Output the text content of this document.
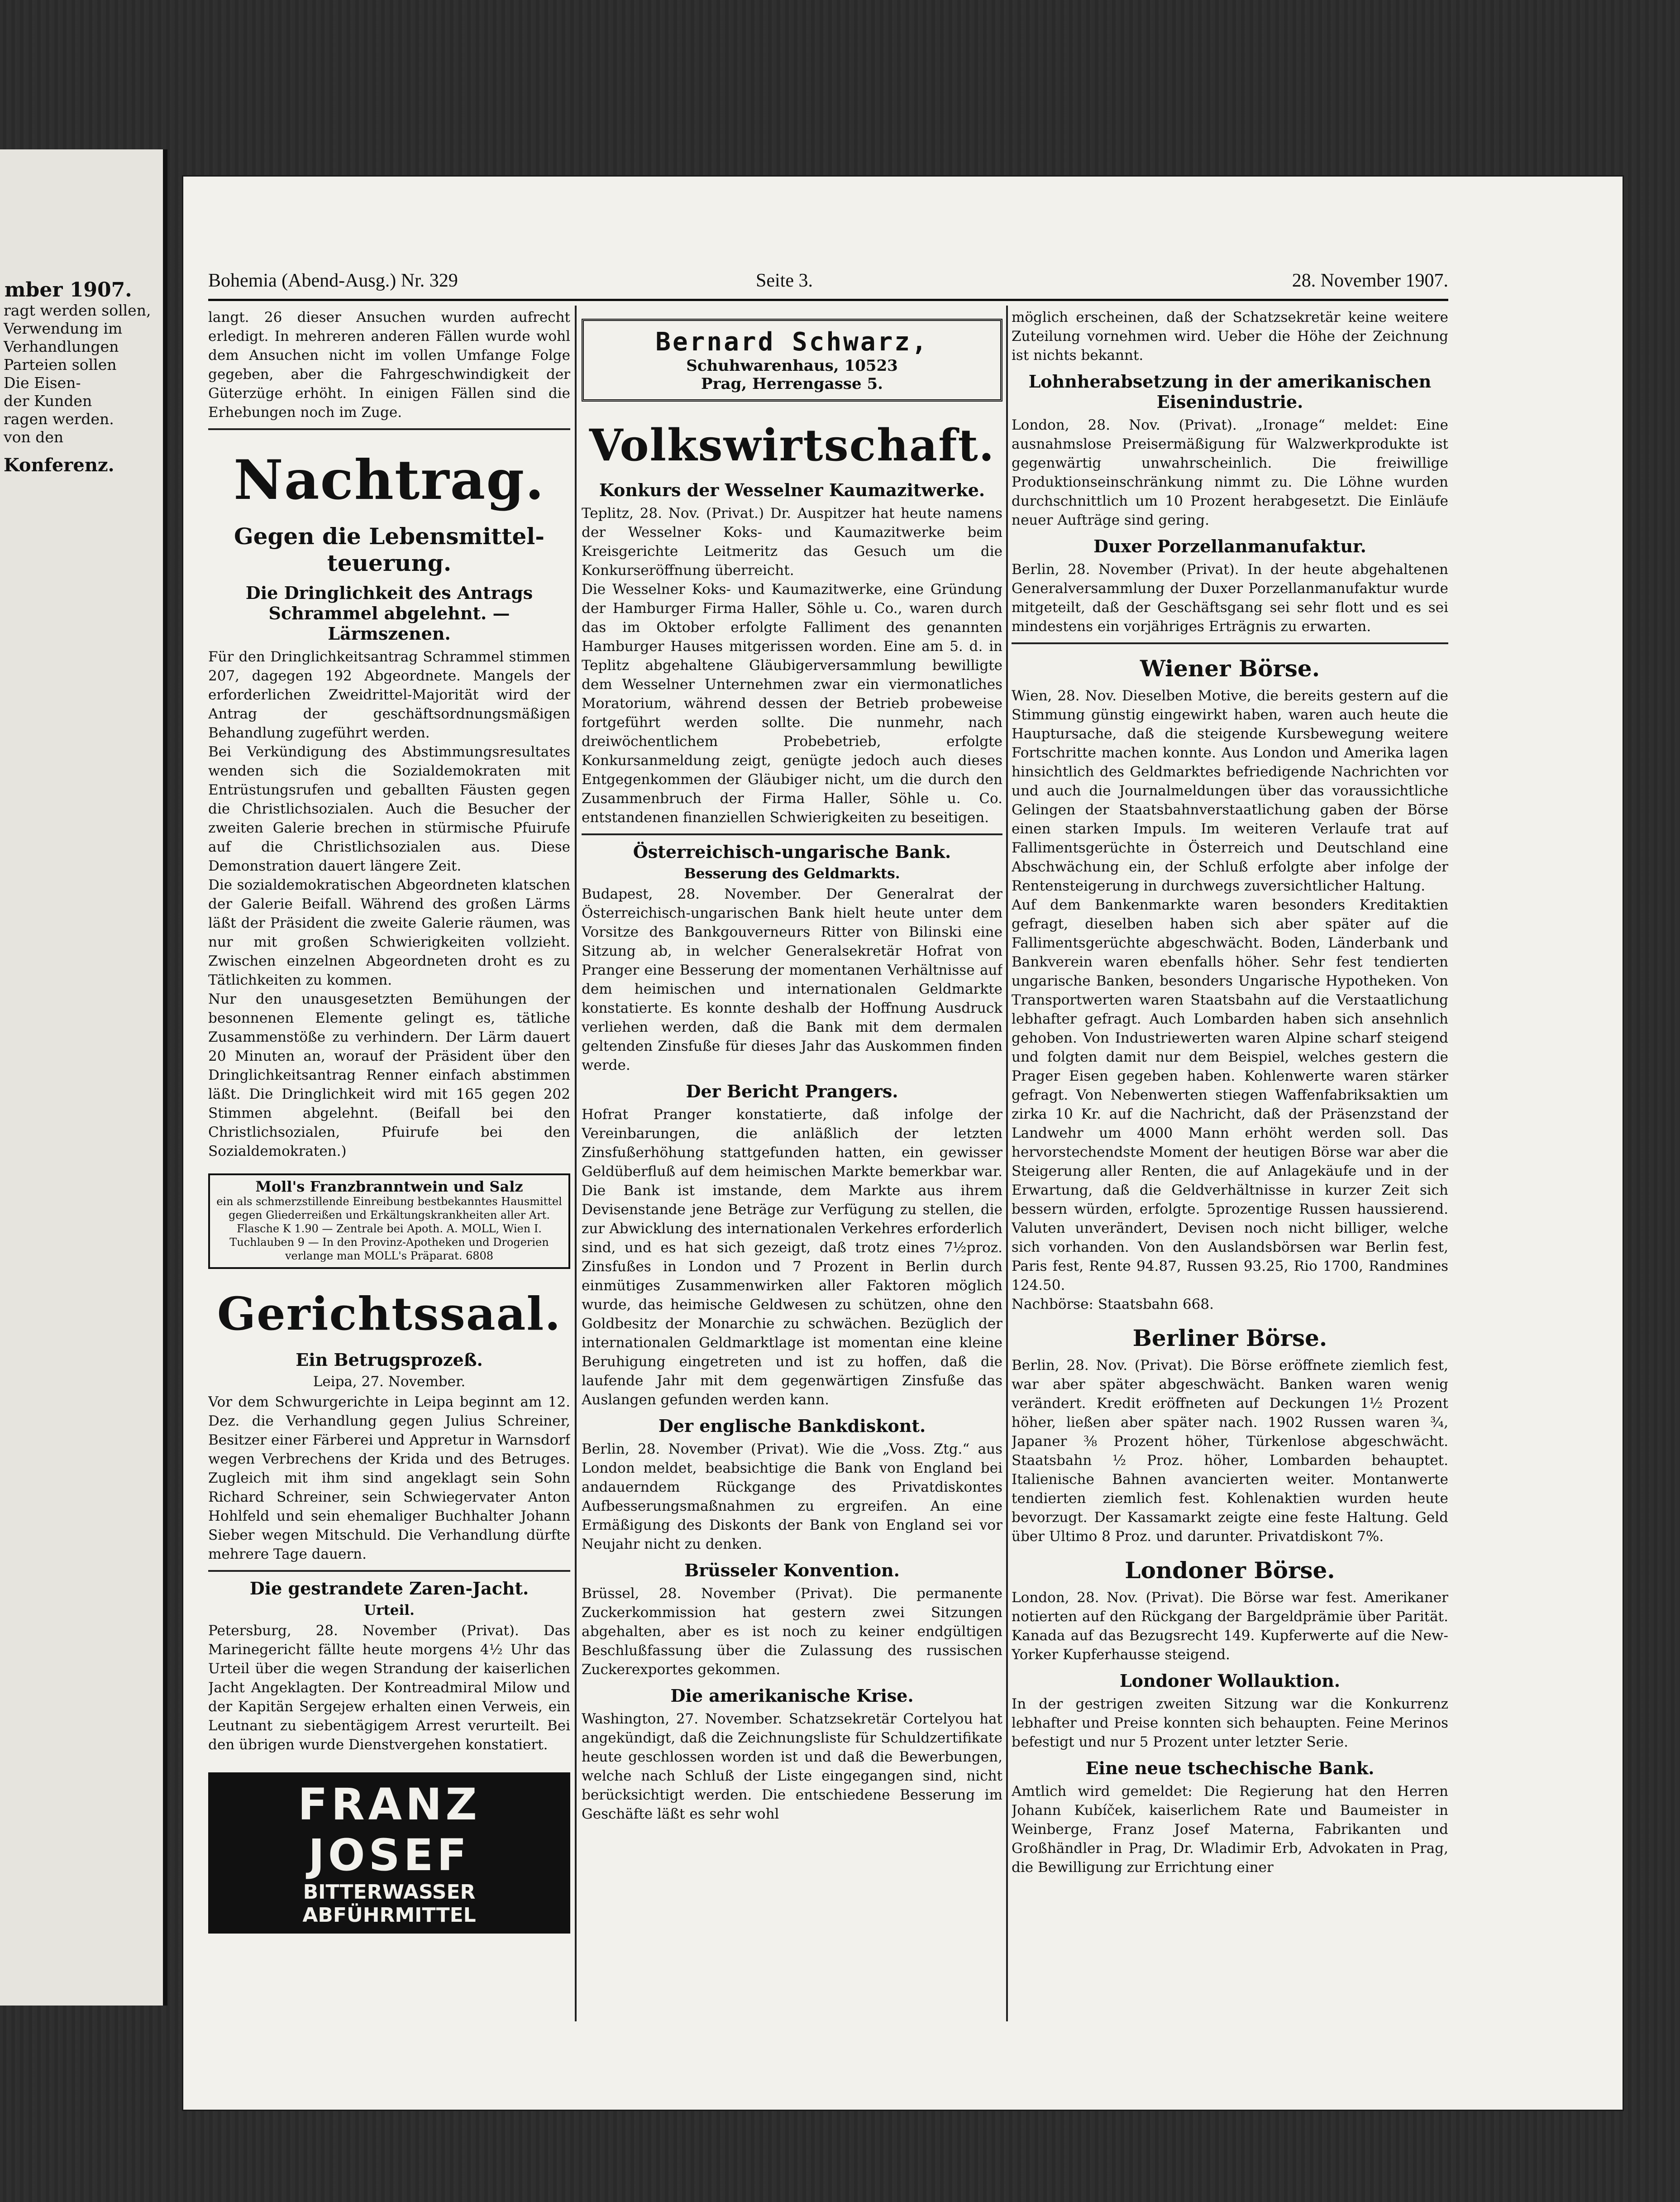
mber 1907.

ragt werden sollen,

Verwendung im

Verhandlungen

Parteien sollen

Die Eisen-

der Kunden

ragen werden.

von den

Konferenz.
Bohemia (Abend-Ausg.) Nr. 329	Seite 3.	28. November 1907.

langt. 26 dieser Ansuchen wurden aufrecht erledigt. In mehreren anderen Fällen wurde wohl dem Ansuchen nicht im vollen Umfange Folge gegeben, aber die Fahrgeschwindigkeit der Güterzüge erhöht. In einigen Fällen sind die Erhebungen noch im Zuge.

Nachtrag.
Gegen die Lebensmittel-teuerung.
Die Dringlichkeit des Antrags Schrammel abgelehnt. — Lärmszenen.

Für den Dringlichkeitsantrag Schrammel stimmen 207, dagegen 192 Abgeordnete. Mangels der erforderlichen Zweidrittel-Majorität wird der Antrag der geschäftsordnungsmäßigen Behandlung zugeführt werden.

Bei Verkündigung des Abstimmungsresultates wenden sich die Sozialdemokraten mit Entrüstungsrufen und geballten Fäusten gegen die Christlichsozialen. Auch die Besucher der zweiten Galerie brechen in stürmische Pfuirufe auf die Christlichsozialen aus. Diese Demonstration dauert längere Zeit.

Die sozialdemokratischen Abgeordneten klatschen der Galerie Beifall. Während des großen Lärms läßt der Präsident die zweite Galerie räumen, was nur mit großen Schwierigkeiten vollzieht. Zwischen einzelnen Abgeordneten droht es zu Tätlichkeiten zu kommen.

Nur den unausgesetzten Bemühungen der besonnenen Elemente gelingt es, tätliche Zusammenstöße zu verhindern. Der Lärm dauert 20 Minuten an, worauf der Präsident über den Dringlichkeitsantrag Renner einfach abstimmen läßt. Die Dringlichkeit wird mit 165 gegen 202 Stimmen abgelehnt. (Beifall bei den Christlichsozialen, Pfuirufe bei den Sozialdemokraten.)

Moll's Franzbranntwein und Salz
ein als schmerzstillende Einreibung bestbekanntes Hausmittel gegen Gliederreißen und Erkältungskrankheiten aller Art. Flasche K 1.90 — Zentrale bei Apoth. A. MOLL, Wien I. Tuchlauben 9 — In den Provinz-Apotheken und Drogerien verlange man MOLL's Präparat. 6808
Gerichtssaal.
Ein Betrugsprozeß.
Leipa, 27. November.

Vor dem Schwurgerichte in Leipa beginnt am 12. Dez. die Verhandlung gegen Julius Schreiner, Besitzer einer Färberei und Appretur in Warnsdorf wegen Verbrechens der Krida und des Betruges. Zugleich mit ihm sind angeklagt sein Sohn Richard Schreiner, sein Schwiegervater Anton Hohlfeld und sein ehemaliger Buchhalter Johann Sieber wegen Mitschuld. Die Verhandlung dürfte mehrere Tage dauern.

Die gestrandete Zaren-Jacht.
Urteil.

Petersburg, 28. November (Privat). Das Marinegericht fällte heute morgens 4½ Uhr das Urteil über die wegen Strandung der kaiserlichen Jacht Angeklagten. Der Kontreadmiral Milow und der Kapitän Sergejew erhalten einen Verweis, ein Leutnant zu siebentägigem Arrest verurteilt. Bei den übrigen wurde Dienstvergehen konstatiert.

FRANZ JOSEF
BITTERWASSER ABFÜHRMITTEL
Bernard Schwarz,
Schuhwarenhaus, 10523
Prag, Herrengasse 5.
Volkswirtschaft.
Konkurs der Wesselner Kaumazitwerke.

Teplitz, 28. Nov. (Privat.) Dr. Auspitzer hat heute namens der Wesselner Koks- und Kaumazitwerke beim Kreisgerichte Leitmeritz das Gesuch um die Konkurseröffnung überreicht.

Die Wesselner Koks- und Kaumazitwerke, eine Gründung der Hamburger Firma Haller, Söhle u. Co., waren durch das im Oktober erfolgte Falliment des genannten Hamburger Hauses mitgerissen worden. Eine am 5. d. in Teplitz abgehaltene Gläubigerversammlung bewilligte dem Wesselner Unternehmen zwar ein viermonatliches Moratorium, während dessen der Betrieb probeweise fortgeführt werden sollte. Die nunmehr, nach dreiwöchentlichem Probebetrieb, erfolgte Konkursanmeldung zeigt, genügte jedoch auch dieses Entgegenkommen der Gläubiger nicht, um die durch den Zusammenbruch der Firma Haller, Söhle u. Co. entstandenen finanziellen Schwierigkeiten zu beseitigen.

Österreichisch-ungarische Bank.
Besserung des Geldmarkts.

Budapest, 28. November. Der Generalrat der Österreichisch-ungarischen Bank hielt heute unter dem Vorsitze des Bankgouverneurs Ritter von Bilinski eine Sitzung ab, in welcher Generalsekretär Hofrat von Pranger eine Besserung der momentanen Verhältnisse auf dem heimischen und internationalen Geldmarkte konstatierte. Es konnte deshalb der Hoffnung Ausdruck verliehen werden, daß die Bank mit dem dermalen geltenden Zinsfuße für dieses Jahr das Auskommen finden werde.

Der Bericht Prangers.

Hofrat Pranger konstatierte, daß infolge der Vereinbarungen, die anläßlich der letzten Zinsfußerhöhung stattgefunden hatten, ein gewisser Geldüberfluß auf dem heimischen Markte bemerkbar war. Die Bank ist imstande, dem Markte aus ihrem Devisenstande jene Beträge zur Verfügung zu stellen, die zur Abwicklung des internationalen Verkehres erforderlich sind, und es hat sich gezeigt, daß trotz eines 7½proz. Zinsfußes in London und 7 Prozent in Berlin durch einmütiges Zusammenwirken aller Faktoren möglich wurde, das heimische Geldwesen zu schützen, ohne den Goldbesitz der Monarchie zu schwächen. Bezüglich der internationalen Geldmarktlage ist momentan eine kleine Beruhigung eingetreten und ist zu hoffen, daß die laufende Jahr mit dem gegenwärtigen Zinsfuße das Auslangen gefunden werden kann.

Der englische Bankdiskont.

Berlin, 28. November (Privat). Wie die „Voss. Ztg.“ aus London meldet, beabsichtige die Bank von England bei andauerndem Rückgange des Privatdiskontes Aufbesserungsmaßnahmen zu ergreifen. An eine Ermäßigung des Diskonts der Bank von England sei vor Neujahr nicht zu denken.

Brüsseler Konvention.

Brüssel, 28. November (Privat). Die permanente Zuckerkommission hat gestern zwei Sitzungen abgehalten, aber es ist noch zu keiner endgültigen Beschlußfassung über die Zulassung des russischen Zuckerexportes gekommen.

Die amerikanische Krise.

Washington, 27. November. Schatzsekretär Cortelyou hat angekündigt, daß die Zeichnungsliste für Schuldzertifikate heute geschlossen worden ist und daß die Bewerbungen, welche nach Schluß der Liste eingegangen sind, nicht berücksichtigt werden. Die entschiedene Besserung im Geschäfte läßt es sehr wohl

möglich erscheinen, daß der Schatzsekretär keine weitere Zuteilung vornehmen wird. Ueber die Höhe der Zeichnung ist nichts bekannt.

Lohnherabsetzung in der amerikanischen Eisenindustrie.

London, 28. Nov. (Privat). „Ironage“ meldet: Eine ausnahmslose Preisermäßigung für Walzwerkprodukte ist gegenwärtig unwahrscheinlich. Die freiwillige Produktionseinschränkung nimmt zu. Die Löhne wurden durchschnittlich um 10 Prozent herabgesetzt. Die Einläufe neuer Aufträge sind gering.

Duxer Porzellanmanufaktur.

Berlin, 28. November (Privat). In der heute abgehaltenen Generalversammlung der Duxer Porzellanmanufaktur wurde mitgeteilt, daß der Geschäftsgang sei sehr flott und es sei mindestens ein vorjähriges Erträgnis zu erwarten.

Wiener Börse.

Wien, 28. Nov. Dieselben Motive, die bereits gestern auf die Stimmung günstig eingewirkt haben, waren auch heute die Hauptursache, daß die steigende Kursbewegung weitere Fortschritte machen konnte. Aus London und Amerika lagen hinsichtlich des Geldmarktes befriedigende Nachrichten vor und auch die Journalmeldungen über das voraussichtliche Gelingen der Staatsbahnverstaatlichung gaben der Börse einen starken Impuls. Im weiteren Verlaufe trat auf Fallimentsgerüchte in Österreich und Deutschland eine Abschwächung ein, der Schluß erfolgte aber infolge der Rentensteigerung in durchwegs zuversichtlicher Haltung.

Auf dem Bankenmarkte waren besonders Kreditaktien gefragt, dieselben haben sich aber später auf die Fallimentsgerüchte abgeschwächt. Boden, Länderbank und Bankverein waren ebenfalls höher. Sehr fest tendierten ungarische Banken, besonders Ungarische Hypotheken. Von Transportwerten waren Staatsbahn auf die Verstaatlichung lebhafter gefragt. Auch Lombarden haben sich ansehnlich gehoben. Von Industriewerten waren Alpine scharf steigend und folgten damit nur dem Beispiel, welches gestern die Prager Eisen gegeben haben. Kohlenwerte waren stärker gefragt. Von Nebenwerten stiegen Waffenfabriksaktien um zirka 10 Kr. auf die Nachricht, daß der Präsenzstand der Landwehr um 4000 Mann erhöht werden soll. Das hervorstechendste Moment der heutigen Börse war aber die Steigerung aller Renten, die auf Anlagekäufe und in der Erwartung, daß die Geldverhältnisse in kurzer Zeit sich bessern würden, erfolgte. 5prozentige Russen haussierend. Valuten unverändert, Devisen noch nicht billiger, welche sich vorhanden. Von den Auslandsbörsen war Berlin fest, Paris fest, Rente 94.87, Russen 93.25, Rio 1700, Randmines 124.50.

Nachbörse: Staatsbahn 668.

Berliner Börse.

Berlin, 28. Nov. (Privat). Die Börse eröffnete ziemlich fest, war aber später abgeschwächt. Banken waren wenig verändert. Kredit eröffneten auf Deckungen 1½ Prozent höher, ließen aber später nach. 1902 Russen waren ¾, Japaner ⅜ Prozent höher, Türkenlose abgeschwächt. Staatsbahn ½ Proz. höher, Lombarden behauptet. Italienische Bahnen avancierten weiter. Montanwerte tendierten ziemlich fest. Kohlenaktien wurden heute bevorzugt. Der Kassamarkt zeigte eine feste Haltung. Geld über Ultimo 8 Proz. und darunter. Privatdiskont 7%.

Londoner Börse.

London, 28. Nov. (Privat). Die Börse war fest. Amerikaner notierten auf den Rückgang der Bargeldprämie über Parität. Kanada auf das Bezugsrecht 149. Kupferwerte auf die New-Yorker Kupferhausse steigend.

Londoner Wollauktion.

In der gestrigen zweiten Sitzung war die Konkurrenz lebhafter und Preise konnten sich behaupten. Feine Merinos befestigt und nur 5 Prozent unter letzter Serie.

Eine neue tschechische Bank.

Amtlich wird gemeldet: Die Regierung hat den Herren Johann Kubíček, kaiserlichem Rate und Baumeister in Weinberge, Franz Josef Materna, Fabrikanten und Großhändler in Prag, Dr. Wladimir Erb, Advokaten in Prag, die Bewilligung zur Errichtung einer
